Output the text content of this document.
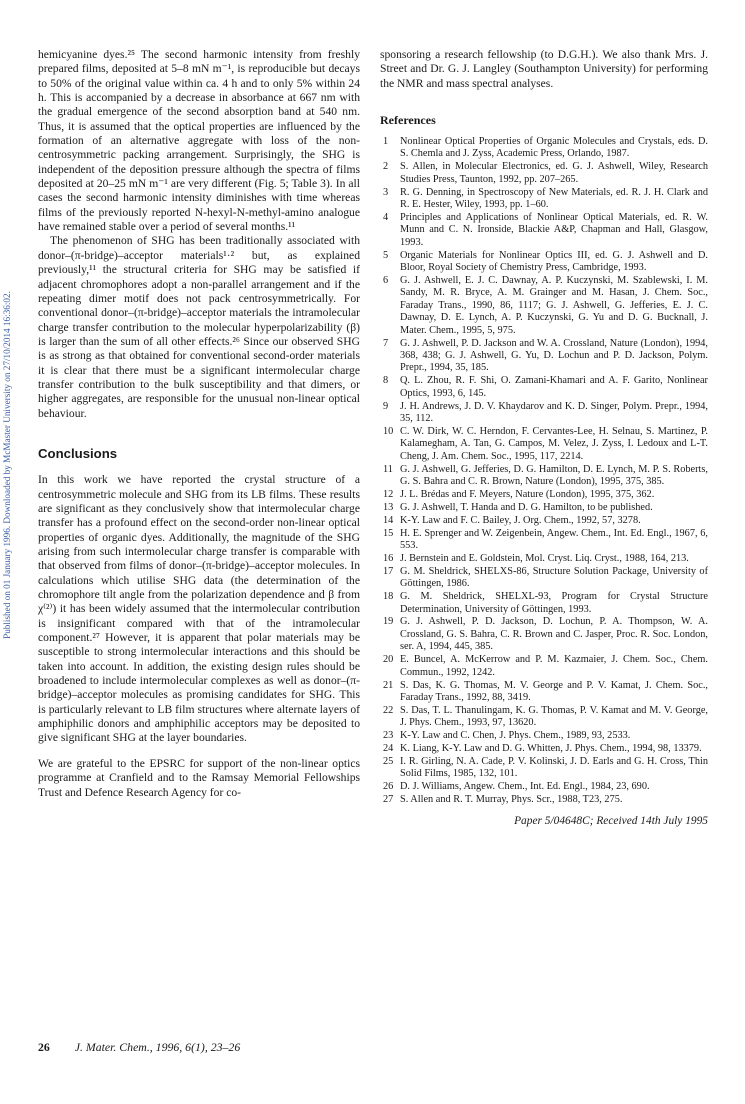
Published on 01 January 1996. Downloaded by McMaster University on 27/10/2014 16:36:02.

hemicyanine dyes.²⁵ The second harmonic intensity from freshly prepared films, deposited at 5–8 mN m⁻¹, is reproducible but decays to 50% of the original value within ca. 4 h and to only 5% within 24 h. This is accompanied by a decrease in absorbance at 667 nm with the gradual emergence of the second absorption band at 540 nm. Thus, it is assumed that the optical properties are influenced by the formation of an alternative aggregate with loss of the non-centrosymmetric packing arrangement. Surprisingly, the SHG is independent of the deposition pressure although the spectra of films deposited at 20–25 mN m⁻¹ are very different (Fig. 5; Table 3). In all cases the second harmonic intensity diminishes with time whereas films of the previously reported N-hexyl-N-methyl-amino analogue have remained stable over a period of several months.¹¹

The phenomenon of SHG has been traditionally associated with donor–(π-bridge)–acceptor materials¹·² but, as explained previously,¹¹ the structural criteria for SHG may be satisfied if adjacent chromophores adopt a non-parallel arrangement and if the repeating dimer motif does not pack centrosymmetrically. For conventional donor–(π-bridge)–acceptor materials the intramolecular charge transfer contribution to the molecular hyperpolarizability (β) is larger than the sum of all other effects.²⁶ Since our observed SHG is as strong as that obtained for conventional second-order materials it is clear that there must be a significant intermolecular charge transfer contribution to the bulk susceptibility and that dimers, or higher aggregates, are responsible for the unusual non-linear optical behaviour.

Conclusions

In this work we have reported the crystal structure of a centrosymmetric molecule and SHG from its LB films. These results are significant as they conclusively show that intermolecular charge transfer has a profound effect on the second-order non-linear optical properties of organic dyes. Additionally, the magnitude of the SHG arising from such intermolecular charge transfer is comparable with that observed from films of donor–(π-bridge)–acceptor molecules. In calculations which utilise SHG data (the determination of the chromophore tilt angle from the polarization dependence and β from χ⁽²⁾) it has been widely assumed that the intermolecular contribution is insignificant compared with that of the intramolecular component.²⁷ However, it is apparent that polar materials may be susceptible to strong intermolecular interactions and this should be taken into account. In addition, the existing design rules should be broadened to include intermolecular complexes as well as donor–(π-bridge)–acceptor molecules as promising candidates for SHG. This is particularly relevant to LB film structures where alternate layers of amphiphilic donors and amphiphilic acceptors may be deposited to give significant SHG at the layer boundaries.

We are grateful to the EPSRC for support of the non-linear optics programme at Cranfield and to the Ramsay Memorial Fellowships Trust and Defence Research Agency for co-

sponsoring a research fellowship (to D.G.H.). We also thank Mrs. J. Street and Dr. G. J. Langley (Southampton University) for performing the NMR and mass spectral analyses.

References
1	Nonlinear Optical Properties of Organic Molecules and Crystals, eds. D. S. Chemla and J. Zyss, Academic Press, Orlando, 1987.
2	S. Allen, in Molecular Electronics, ed. G. J. Ashwell, Wiley, Research Studies Press, Taunton, 1992, pp. 207–265.
3	R. G. Denning, in Spectroscopy of New Materials, ed. R. J. H. Clark and R. E. Hester, Wiley, 1993, pp. 1–60.
4	Principles and Applications of Nonlinear Optical Materials, ed. R. W. Munn and C. N. Ironside, Blackie A&P, Chapman and Hall, Glasgow, 1993.
5	Organic Materials for Nonlinear Optics III, ed. G. J. Ashwell and D. Bloor, Royal Society of Chemistry Press, Cambridge, 1993.
6	G. J. Ashwell, E. J. C. Dawnay, A. P. Kuczynski, M. Szablewski, I. M. Sandy, M. R. Bryce, A. M. Grainger and M. Hasan, J. Chem. Soc., Faraday Trans., 1990, 86, 1117; G. J. Ashwell, G. Jefferies, E. J. C. Dawnay, D. E. Lynch, A. P. Kuczynski, G. Yu and D. G. Bucknall, J. Mater. Chem., 1995, 5, 975.
7	G. J. Ashwell, P. D. Jackson and W. A. Crossland, Nature (London), 1994, 368, 438; G. J. Ashwell, G. Yu, D. Lochun and P. D. Jackson, Polym. Prepr., 1994, 35, 185.
8	Q. L. Zhou, R. F. Shi, O. Zamani-Khamari and A. F. Garito, Nonlinear Optics, 1993, 6, 145.
9	J. H. Andrews, J. D. V. Khaydarov and K. D. Singer, Polym. Prepr., 1994, 35, 112.
10 C. W. Dirk, W. C. Herndon, F. Cervantes-Lee, H. Selnau, S. Martinez, P. Kalamegham, A. Tan, G. Campos, M. Velez, J. Zyss, I. Ledoux and L-T. Cheng, J. Am. Chem. Soc., 1995, 117, 2214.
11 G. J. Ashwell, G. Jefferies, D. G. Hamilton, D. E. Lynch, M. P. S. Roberts, G. S. Bahra and C. R. Brown, Nature (London), 1995, 375, 385.
12 J. L. Brédas and F. Meyers, Nature (London), 1995, 375, 362.
13 G. J. Ashwell, T. Handa and D. G. Hamilton, to be published.
14 K-Y. Law and F. C. Bailey, J. Org. Chem., 1992, 57, 3278.
15 H. E. Sprenger and W. Zeigenbein, Angew. Chem., Int. Ed. Engl., 1967, 6, 553.
16 J. Bernstein and E. Goldstein, Mol. Cryst. Liq. Cryst., 1988, 164, 213.
17 G. M. Sheldrick, SHELXS-86, Structure Solution Package, University of Göttingen, 1986.
18 G. M. Sheldrick, SHELXL-93, Program for Crystal Structure Determination, University of Göttingen, 1993.
19 G. J. Ashwell, P. D. Jackson, D. Lochun, P. A. Thompson, W. A. Crossland, G. S. Bahra, C. R. Brown and C. Jasper, Proc. R. Soc. London, ser. A, 1994, 445, 385.
20 E. Buncel, A. McKerrow and P. M. Kazmaier, J. Chem. Soc., Chem. Commun., 1992, 1242.
21 S. Das, K. G. Thomas, M. V. George and P. V. Kamat, J. Chem. Soc., Faraday Trans., 1992, 88, 3419.
22 S. Das, T. L. Thanulingam, K. G. Thomas, P. V. Kamat and M. V. George, J. Phys. Chem., 1993, 97, 13620.
23 K-Y. Law and C. Chen, J. Phys. Chem., 1989, 93, 2533.
24 K. Liang, K-Y. Law and D. G. Whitten, J. Phys. Chem., 1994, 98, 13379.
25 I. R. Girling, N. A. Cade, P. V. Kolinski, J. D. Earls and G. H. Cross, Thin Solid Films, 1985, 132, 101.
26 D. J. Williams, Angew. Chem., Int. Ed. Engl., 1984, 23, 690.
27 S. Allen and R. T. Murray, Phys. Scr., 1988, T23, 275.
Paper 5/04648C; Received 14th July 1995
26 J. Mater. Chem., 1996, 6(1), 23–26
